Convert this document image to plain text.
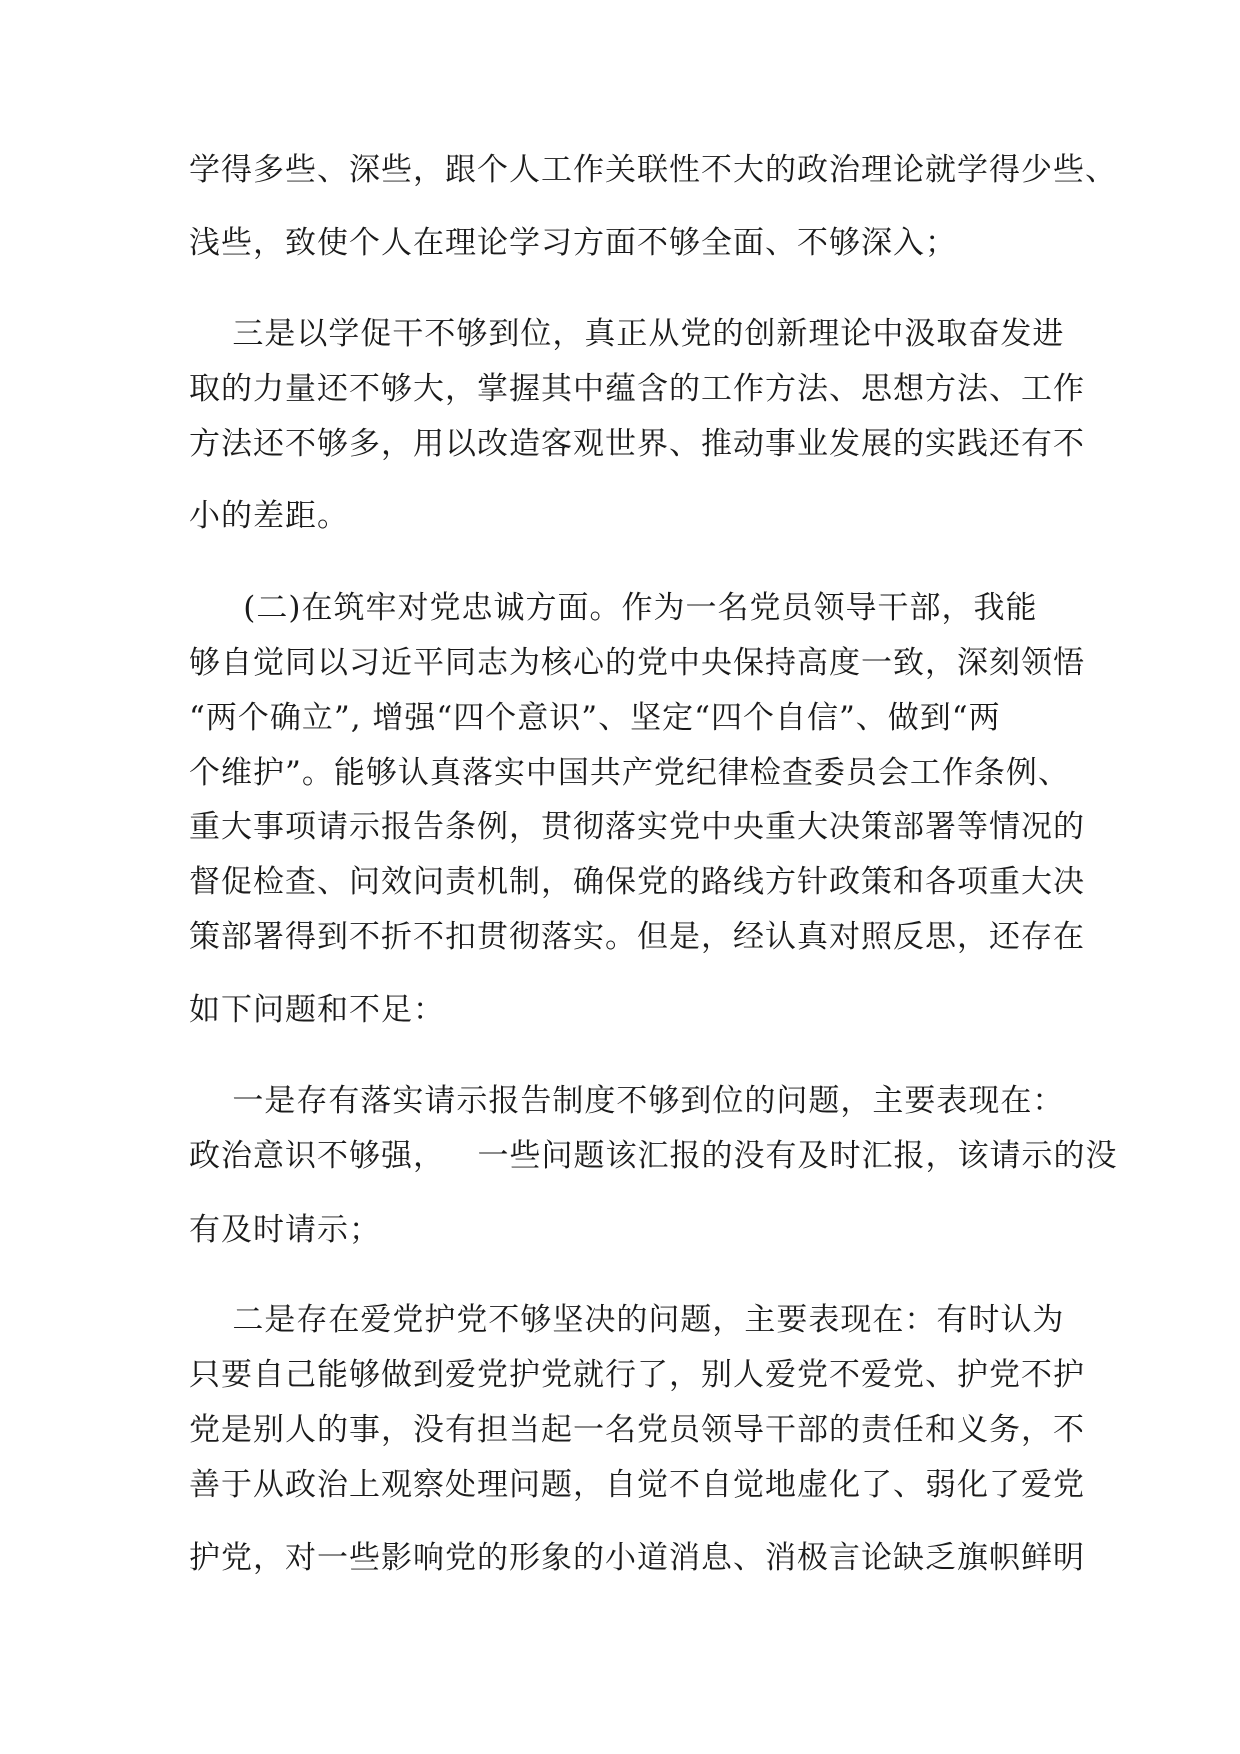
学得多些、深些，跟个人工作关联性不大的政治理论就学得少些、

浅些，致使个人在理论学习方面不够全面、不够深入；

三是以学促干不够到位，真正从党的创新理论中汲取奋发进

取的力量还不够大，掌握其中蕴含的工作方法、思想方法、工作

方法还不够多，用以改造客观世界、推动事业发展的实践还有不

小的差距。

(二)在筑牢对党忠诚方面。作为一名党员领导干部，我能

够自觉同以习近平同志为核心的党中央保持高度一致，深刻领悟

“两个确立”, 增强“四个意识”、坚定“四个自信”、做到“两

个维护”。能够认真落实中国共产党纪律检查委员会工作条例、

重大事项请示报告条例，贯彻落实党中央重大决策部署等情况的

督促检查、问效问责机制，确保党的路线方针政策和各项重大决

策部署得到不折不扣贯彻落实。但是，经认真对照反思，还存在

如下问题和不足：

一是存有落实请示报告制度不够到位的问题，主要表现在：

政治意识不够强，   一些问题该汇报的没有及时汇报，该请示的没

有及时请示；

二是存在爱党护党不够坚决的问题，主要表现在：有时认为

只要自己能够做到爱党护党就行了，别人爱党不爱党、护党不护

党是别人的事，没有担当起一名党员领导干部的责任和义务，不

善于从政治上观察处理问题，自觉不自觉地虚化了、弱化了爱党

护党，对一些影响党的形象的小道消息、消极言论缺乏旗帜鲜明
